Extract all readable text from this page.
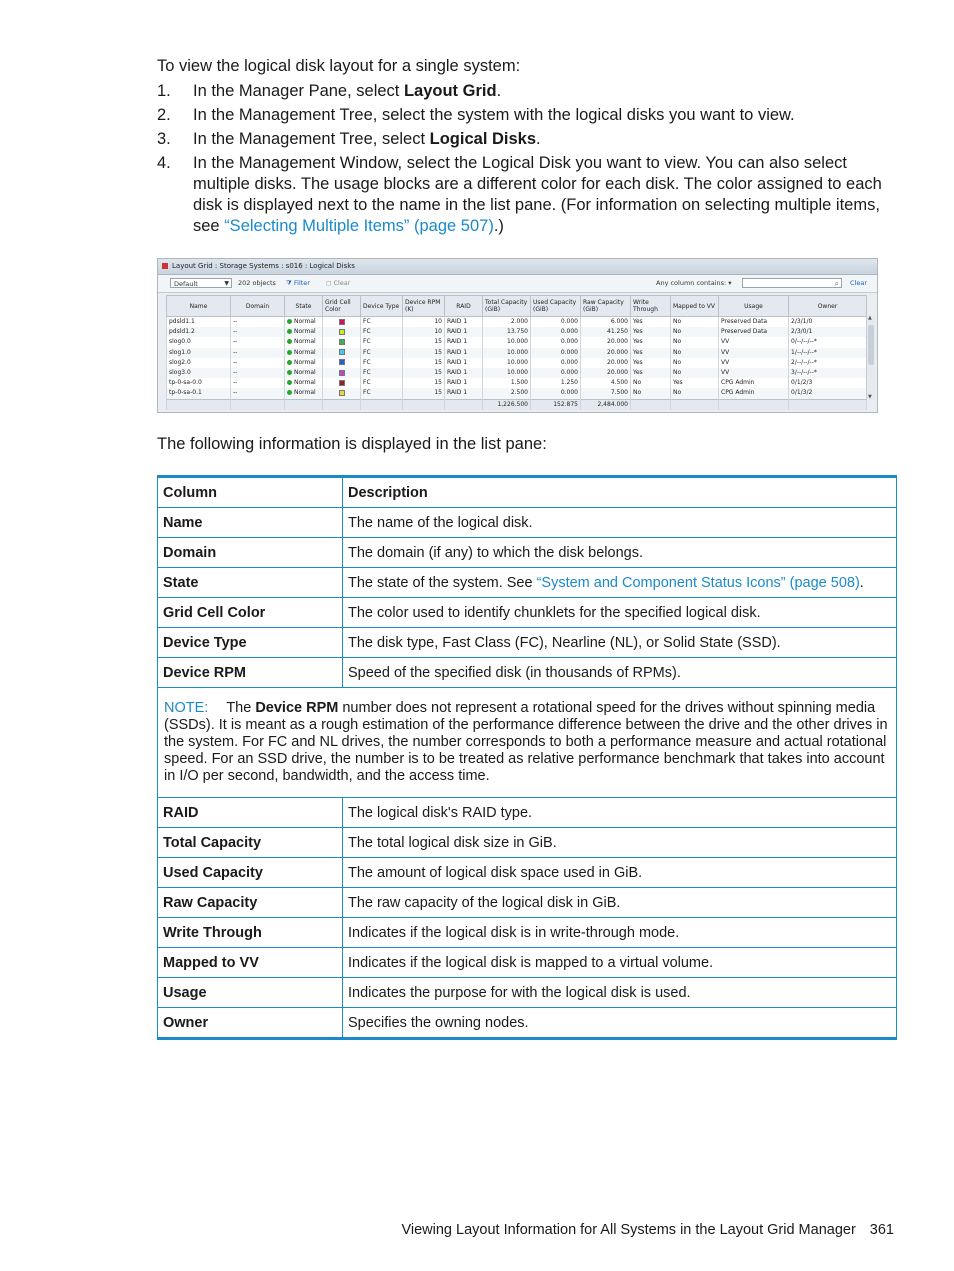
To view the logical disk layout for a single system:

1. In the Manager Pane, select Layout Grid.
2. In the Management Tree, select the system with the logical disks you want to view.
3. In the Management Tree, select Logical Disks.
4. In the Management Window, select the Logical Disk you want to view. You can also select multiple disks. The usage blocks are a different color for each disk. The color assigned to each disk is displayed next to the name in the list pane. (For information on selecting multiple items, see “Selecting Multiple Items” (page 507).)
Layout Grid : Storage Systems : s016 : Logical Disks
Default	▼ 202 objects ⧩ Filter ◻ Clear	Any column contains: ▾	⌕ Clear
Name	Domain	State	Grid Cell Color	Device Type	Device RPM (K)	RAID	Total Capacity (GiB)	Used Capacity (GiB)	Raw Capacity (GiB)	Write Through	Mapped to VV	Usage	Owner
pdsld1.1	--	Normal		FC	10	RAID 1	2.000	0.000	6.000	Yes	No	Preserved Data	2/3/1/0
pdsld1.2	--	Normal		FC	10	RAID 1	13.750	0.000	41.250	Yes	No	Preserved Data	2/3/0/1
slog0.0	--	Normal		FC	15	RAID 1	10.000	0.000	20.000	Yes	No	VV	0/--/--/--*
slog1.0	--	Normal		FC	15	RAID 1	10.000	0.000	20.000	Yes	No	VV	1/--/--/--*
slog2.0	--	Normal		FC	15	RAID 1	10.000	0.000	20.000	Yes	No	VV	2/--/--/--*
slog3.0	--	Normal		FC	15	RAID 1	10.000	0.000	20.000	Yes	No	VV	3/--/--/--*
tp-0-sa-0.0	--	Normal		FC	15	RAID 1	1.500	1.250	4.500	No	Yes	CPG Admin	0/1/2/3
tp-0-sa-0.1	--	Normal		FC	15	RAID 1	2.500	0.000	7.500	No	No	CPG Admin	0/1/3/2
							1,226.500	152.875	2,484.000				
▲
▼

The following information is displayed in the list pane:

Column	Description
Name	The name of the logical disk.
Domain	The domain (if any) to which the disk belongs.
State	The state of the system. See “System and Component Status Icons” (page 508).
Grid Cell Color	The color used to identify chunklets for the specified logical disk.
Device Type	The disk type, Fast Class (FC), Nearline (NL), or Solid State (SSD).
Device RPM	Speed of the specified disk (in thousands of RPMs).
NOTE: The Device RPM number does not represent a rotational speed for the drives without spinning media (SSDs). It is meant as a rough estimation of the performance difference between the drive and the other drives in the system. For FC and NL drives, the number corresponds to both a performance measure and actual rotational speed. For an SSD drive, the number is to be treated as relative performance benchmark that takes into account in I/O per second, bandwidth, and the access time.	
RAID	The logical disk's RAID type.
Total Capacity	The total logical disk size in GiB.
Used Capacity	The amount of logical disk space used in GiB.
Raw Capacity	The raw capacity of the logical disk in GiB.
Write Through	Indicates if the logical disk is in write-through mode.
Mapped to VV	Indicates if the logical disk is mapped to a virtual volume.
Usage	Indicates the purpose for with the logical disk is used.
Owner	Specifies the owning nodes.
Viewing Layout Information for All Systems in the Layout Grid Manager 361
